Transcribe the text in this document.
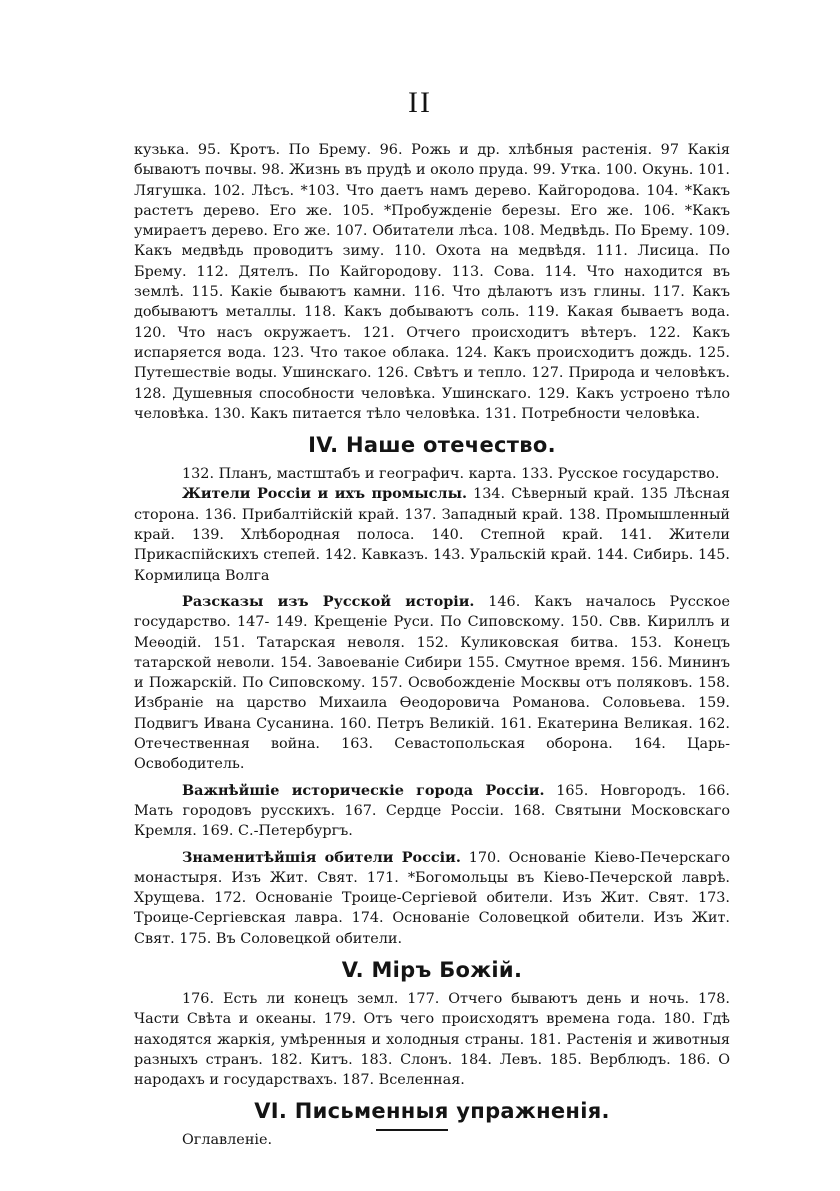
II

кузька. 95. Кротъ. По Брему. 96. Рожь и др. хлѣбныя растенія. 97 Какія бываютъ почвы. 98. Жизнь въ прудѣ и около пруда. 99. Утка. 100. Окунь. 101. Лягушка. 102. Лѣсъ. *103. Что даетъ намъ дерево. Кайгородова. 104. *Какъ растетъ дерево. Его же. 105. *Пробужденіе березы. Его же. 106. *Какъ умираетъ дерево. Его же. 107. Обитатели лѣса. 108. Медвѣдь. По Брему. 109. Какъ медвѣдь проводитъ зиму. 110. Охота на медвѣдя. 111. Лисица. По Брему. 112. Дятелъ. По Кайгородову. 113. Сова. 114. Что находится въ землѣ. 115. Какіе бываютъ камни. 116. Что дѣлаютъ изъ глины. 117. Какъ добываютъ металлы. 118. Какъ добываютъ соль. 119. Какая бываетъ вода. 120. Что насъ окружаетъ. 121. Отчего происходитъ вѣтеръ. 122. Какъ испаряется вода. 123. Что такое облака. 124. Какъ происходитъ дождь. 125. Путешествіе воды. Ушинскаго. 126. Свѣтъ и тепло. 127. Природа и человѣкъ. 128. Душевныя способности человѣка. Ушинскаго. 129. Какъ устроено тѣло человѣка. 130. Какъ питается тѣло человѣка. 131. Потребности человѣка.

IV. Наше отечество.

132. Планъ, мастштабъ и географич. карта. 133. Русское государство.

Жители Россіи и ихъ промыслы. 134. Сѣверный край. 135 Лѣсная сторона. 136. Прибалтійскій край. 137. Западный край. 138. Промышленный край. 139. Хлѣбородная полоса. 140. Степной край. 141. Жители Прикаспійскихъ степей. 142. Кавказъ. 143. Уральскій край. 144. Сибирь. 145. Кормилица Волга

Разсказы изъ Русской исторіи. 146. Какъ началось Русское государство. 147- 149. Крещеніе Руси. По Сиповскому. 150. Свв. Кириллъ и Меѳодій. 151. Татарская неволя. 152. Куликовская битва. 153. Конецъ татарской неволи. 154. Завоеваніе Сибири 155. Смутное время. 156. Мининъ и Пожарскій. По Сиповскому. 157. Освобожденіе Москвы отъ поляковъ. 158. Избраніе на царство Михаила Ѳеодоровича Романова. Соловьева. 159. Подвигъ Ивана Сусанина. 160. Петръ Великій. 161. Екатерина Великая. 162. Отечественная война. 163. Севастопольская оборона. 164. Царь-Освободитель.

Важнѣйшіе историческіе города Россіи. 165. Новгородъ. 166. Мать городовъ русскихъ. 167. Сердце Россіи. 168. Святыни Московскаго Кремля. 169. С.-Петербургъ.

Знаменитѣйшія обители Россіи. 170. Основаніе Кіево-Печерскаго монастыря. Изъ Жит. Свят. 171. *Богомольцы въ Кіево-Печерской лаврѣ. Хрущева. 172. Основаніе Троице-Сергіевой обители. Изъ Жит. Свят. 173. Троице-Сергіевская лавра. 174. Основаніе Соловецкой обители. Изъ Жит. Свят. 175. Въ Соловецкой обители.

V. Міръ Божій.

176. Есть ли конецъ земл. 177. Отчего бываютъ день и ночь. 178. Части Свѣта и океаны. 179. Отъ чего происходятъ времена года. 180. Гдѣ находятся жаркія, умѣренныя и холодныя страны. 181. Растенія и животныя разныхъ странъ. 182. Китъ. 183. Слонъ. 184. Левъ. 185. Верблюдъ. 186. О народахъ и государствахъ. 187. Вселенная.

VI. Письменныя упражненія.

Оглавленіе.
